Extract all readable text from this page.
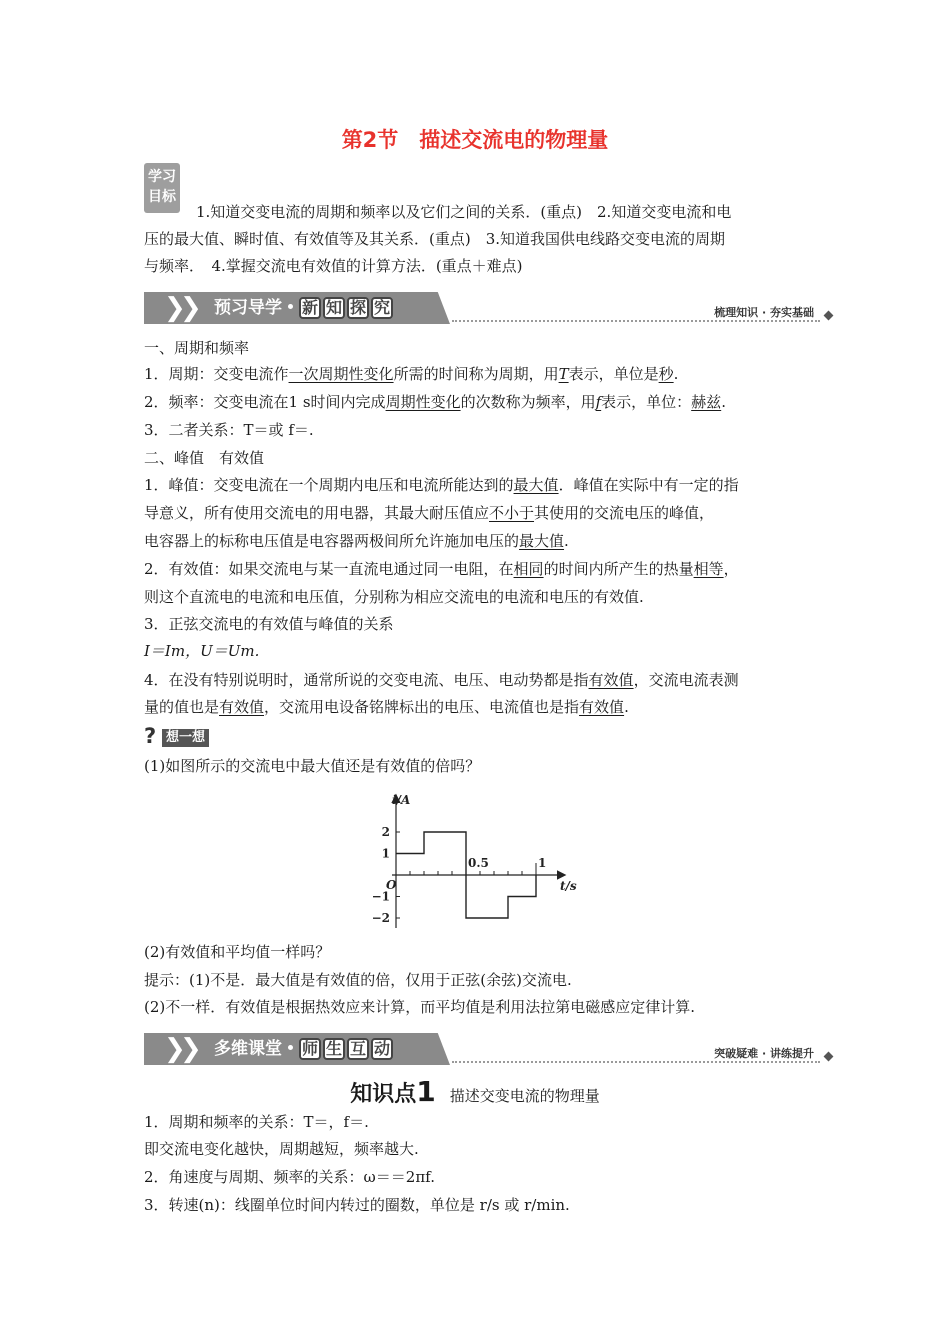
第2节　描述交流电的物理量
学习
目标
1.知道交变电流的周期和频率以及它们之间的关系．(重点)　2.知道交变电流和电
压的最大值、瞬时值、有效值等及其关系．(重点)　3.知道我国供电线路交变电流的周期
与频率．　4.掌握交流电有效值的计算方法．(重点＋难点)
❯
❯ 预习导学 新 知 探 究	梳理知识 · 夯实基础
一、周期和频率
1．周期：交变电流作一次周期性变化所需的时间称为周期，用T表示，单位是秒.
2．频率：交变电流在1 s时间内完成周期性变化的次数称为频率，用f表示，单位：赫兹.
3．二者关系：T＝或 f＝.
二、峰值　有效值
1．峰值：交变电流在一个周期内电压和电流所能达到的最大值．峰值在实际中有一定的指
导意义，所有使用交流电的用电器，其最大耐压值应不小于其使用的交流电压的峰值，
电容器上的标称电压值是电容器两极间所允许施加电压的最大值.
2．有效值：如果交流电与某一直流电通过同一电阻，在相同的时间内所产生的热量相等，
则这个直流电的电流和电压值，分别称为相应交流电的电流和电压的有效值.
3．正弦交流电的有效值与峰值的关系
I＝Im，U＝Um.
4．在没有特别说明时，通常所说的交变电流、电压、电动势都是指有效值，交流电流表测
量的值也是有效值，交流用电设备铭牌标出的电压、电流值也是指有效值.
? 想一想
(1)如图所示的交流电中最大值还是有效值的倍吗？
i/A
t/s
O
2
1
−1
−2
0.5	1
(2)有效值和平均值一样吗？
提示：(1)不是．最大值是有效值的倍，仅用于正弦(余弦)交流电.
(2)不一样．有效值是根据热效应来计算，而平均值是利用法拉第电磁感应定律计算.
❯
❯ 多维课堂 师 生 互 动	突破疑难 · 讲练提升
知识点1 描述交变电流的物理量
1．周期和频率的关系：T＝，f＝.
即交流电变化越快，周期越短，频率越大.
2．角速度与周期、频率的关系：ω＝＝2πf.
3．转速(n)：线圈单位时间内转过的圈数，单位是 r/s 或 r/min.
